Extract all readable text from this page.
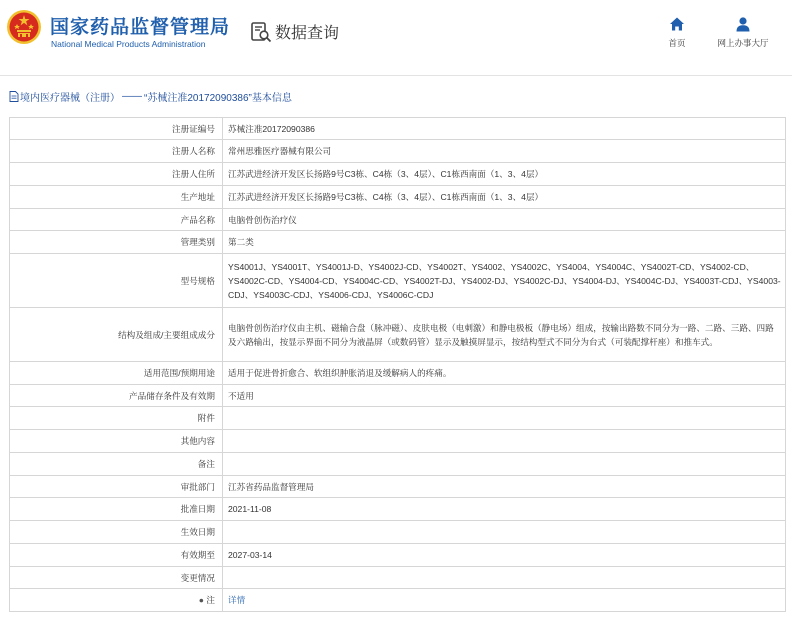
国家药品监督管理局
National Medical Products Administration
数据查询
首页	网上办事大厅
境内医疗器械（注册） —— “苏械注准20172090386”基本信息
注册证编号	苏械注准20172090386
注册人名称	常州思雅医疗器械有限公司
注册人住所	江苏武进经济开发区长扬路9号C3栋、C4栋（3、4层）、C1栋西南面（1、3、4层）
生产地址	江苏武进经济开发区长扬路9号C3栋、C4栋（3、4层）、C1栋西南面（1、3、4层）
产品名称	电脑骨创伤治疗仪
管理类别	第二类
型号规格	YS4001J、YS4001T、YS4001J-D、YS4002J-CD、YS4002T、YS4002、YS4002C、YS4004、YS4004C、YS4002T-CD、YS4002-CD、YS4002C-CD、YS4004-CD、YS4004C-CD、YS4002T-DJ、YS4002-DJ、YS4002C-DJ、YS4004-DJ、YS4004C-DJ、YS4003T-CDJ、YS4003-CDJ、YS4003C-CDJ、YS4006-CDJ、YS4006C-CDJ
结构及组成/主要组成成分	电脑骨创伤治疗仪由主机、磁输合盘（脉冲磁）、皮肤电极（电刺激）和静电极板（静电场）组成，按输出路数不同分为一路、二路、三路、四路及六路输出，按显示界面不同分为液晶屏（或数码管）显示及触摸屏显示，按结构型式不同分为台式（可装配撑杆座）和推车式。
适用范围/预期用途	适用于促进骨折愈合、软组织肿胀消退及缓解病人的疼痛。
产品储存条件及有效期	不适用
附件	
其他内容	
备注	
审批部门	江苏省药品监督管理局
批准日期	2021-11-08
生效日期	
有效期至	2027-03-14
变更情况	
● 注	详情
